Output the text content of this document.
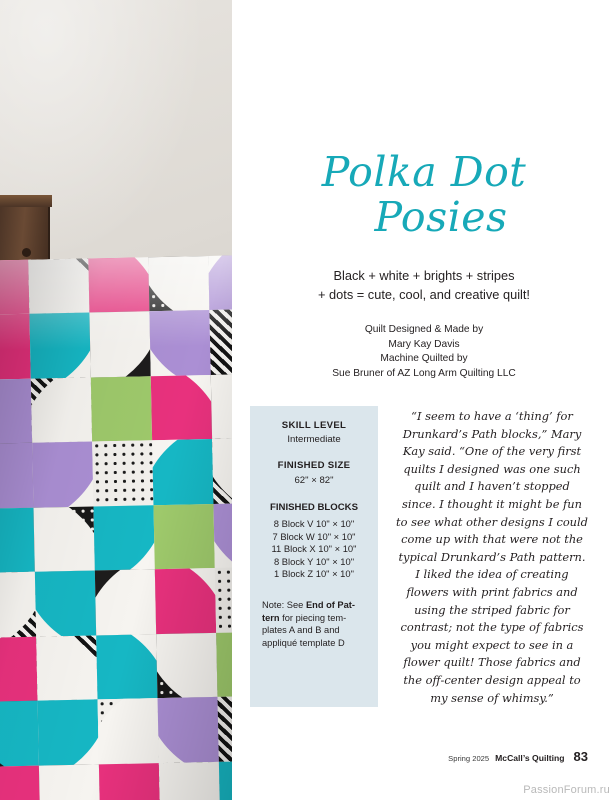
Polka Dot
Posies
Black + white + brights + stripes
+ dots = cute, cool, and creative quilt!
Quilt Designed & Made by
Mary Kay Davis
Machine Quilted by
Sue Bruner of AZ Long Arm Quilting LLC
SKILL LEVEL
Intermediate
FINISHED SIZE
62" × 82"
FINISHED BLOCKS
8 Block V 10" × 10"
7 Block W 10" × 10"
11 Block X 10" × 10"
8 Block Y 10" × 10"
1 Block Z 10" × 10"
Note: See End of Pat-
tern for piecing tem-
plates A and B and
appliqué template D
“I seem to have a ‘thing’ for Drunkard’s Path blocks,” Mary Kay said. “One of the very first quilts I designed was one such quilt and I haven’t stopped since. I thought it might be fun to see what other designs I could come up with that were not the typical Drunkard’s Path pattern. I liked the idea of creating flowers with print fabrics and using the striped fabric for contrast; not the type of fabrics you might expect to see in a flower quilt! Those fabrics and the off-center design appeal to my sense of whimsy.”
Spring 2025 McCall’s Quilting 83
PassionForum.ru
